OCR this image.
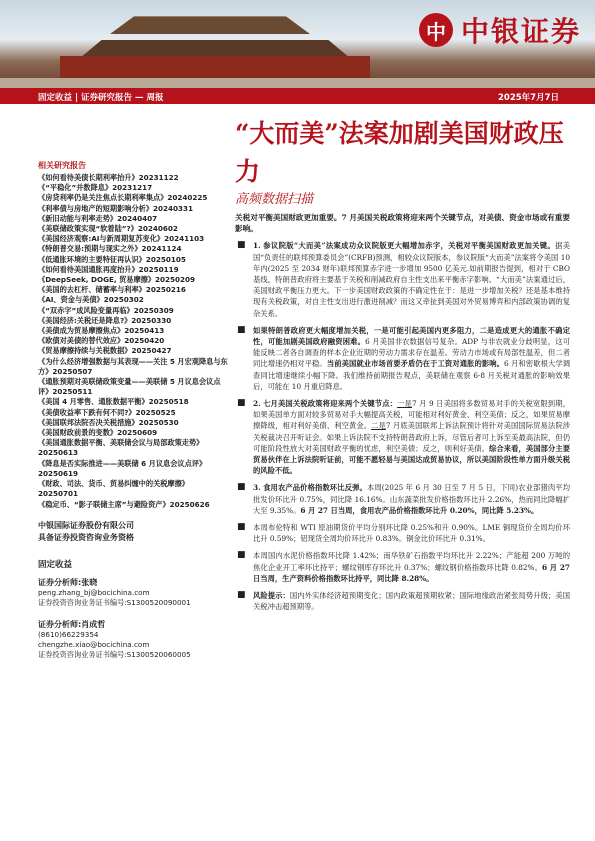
中 中银证券
固定收益 | 证券研究报告 — 周报	2025年7月7日
“大而美”法案加剧美国财政压力
高频数据扫描
相关研究报告
《如何看待美债长期利率抬升》20231122
《“平稳化”并数降息》20231217
《房贷利率仍是关注焦点长期利率集点》20240225
《利率债与房地产的短期影响分析》20240331
《新旧动能与利率走势》20240407
《美联储政策实现“软着陆”?》20240602
《美国经济观察:AI与新周期复苏变化》20241103
《特朗普交易:预期与现实之外》20241124
《低通胀环境的主要特征再认识》20250105
《如何看待美国通胀再度抬升》20250119
《DeepSeek, DOGE, 贸易摩擦》20250209
《美国的去杠杆、储蓄率与利率》20250216
《AI、资金与美债》20250302
《“双赤字”成风险变量再临》20250309
《美国经济:关税还是降息?》20250330
《美债成为贸易摩擦焦点》20250413
《欧债对美债的替代效应》20250420
《贸易摩擦持续与关税数据》20250427
《为什么经济增强数据与其表现——关注 5 月宏观降息与东方》20250507
《通胀预期对美联储政策变量——美联储 5 月议息会议点评》20250511
《美国 4 月零售、通胀数据平衡》20250518
《美债收益率下跌有何不同?》20250525
《美国联邦法院否决关税措施》20250530
《美国财政前景的变数》20250609
《美国通胀数据平衡、美联储会议与局部政策走势》20250613
《降息是否实际推进——美联储 6 月议息会议点评》20250619
《财政、司法、货币、贸易纠缠中的关税摩擦》20250701
《稳定币、“影子联储主席”与避险资产》20250626
中银国际证券股份有限公司
具备证券投资咨询业务资格
固定收益
证券分析师:张晓
peng.zhang_bj@bocichina.com
证券投资咨询业务证书编号:S1300520090001
证券分析师:肖成哲
(8610)66229354
chengzhe.xiao@bocichina.com
证券投资咨询业务证书编号:S1300520060005

关税对平衡美国财政更加重要。7 月美国关税政策将迎来两个关键节点，对美债、资金市场或有重要影响。

■ 1. 参议院版“大而美”法案成功众议院版更大幅增加赤字，关税对平衡美国财政更加关键。据美国“负责任的联邦预算委员会”(CRFB)预测，相较众议院版本，参议院版“大而美”法案将令美国 10 年内(2025 至 2034 财年)联邦预算赤字进一步增加 9500 亿美元.如前期报告提到，相对于 CBO 基线，特朗普政府将主要基于关税和削减政府自主性支出来平衡赤字影响。“大而美”法案通过后，美国财政平衡压力更大。下一步美国财政政策的不确定性在于：是进一步增加关税？还是基本维持现有关税政策，对自主性支出进行激进削减？而这又牵扯到美国对外贸易博弈和内部政策协调的复杂关系。
■ 如果特朗普政府更大幅度增加关税，一是可能引起美国内更多阻力，二是造成更大的通胀不确定性，可能加剧美国政府融资困难。6 月美国非农数据信号复杂。ADP 与非农就业分歧明显，这可能反映二者各自调查的样本企业近期的劳动力需求存在温差。劳动力市场或有局部性温差，但二者同比增速仍相对平稳。当前美国就业市场首要矛盾仍在于工资对通胀的影响。6 月和密歇根大学调查同比增速继续小幅下降。我们维持前期报告观点，美联储在观察 6-8 月关税对通胀的影响效果后，可能在 10 月重启降息。
■ 2. 七月美国关税政策将迎来两个关键节点：一是7 月 9 日美国将多数贸易对手的关税宽限到期，如果美国单方面对较多贸易对手大幅提高关税，可能相对利好黄金、利空美债；反之，如果贸易摩擦降级，相对利好美债、利空黄金。二是7 月底美国联邦上诉法院预计将针对美国国际贸易法院涉关税裁决召开听证会。如果上诉法院不支持特朗普政府上诉，尽管后者可上诉至美最高法院，但仍可能阶段性放大对美国财政平衡的忧虑，利空美债；反之，则利好美债。综合来看，美国部分主要贸易伙伴在上诉法院听证前，可能不愿轻易与美国达成贸易协议，所以美国阶段性单方面升级关税的风险不低。
■ 3. 食用农产品价格指数环比反弹。本周(2025 年 6 月 30 日至 7 月 5 日，下同)农业部猪肉平均批发价环比升 0.75%，同比降 16.16%。山东蔬菜批发价格指数环比升 2.26%，热而同比降幅扩大至 9.35%。6 月 27 日当周，食用农产品价格指数环比升 0.20%，同比降 5.23%。
■ 本周布伦特和 WTI 原油期货价平均分别环比降 0.25%和升 0.90%。LME 铜现货价全周均价环比升 0.59%；铝现货全周均价环比升 0.83%。铜金比价环比升 0.31%。
■ 本周国内水泥价格指数环比降 1.42%；南华铁矿石指数平均环比升 2.22%；产能超 200 万吨的焦化企业开工率环比持平；螺纹钢库存环比升 0.37%；螺纹钢价格指数环比降 0.82%。6 月 27 日当周，生产资料价格指数环比持平，同比降 8.28%。
■ 风险提示：国内外实体经济超预期变化；国内政策超预期收紧；国际地缘政治紧张局势升级；美国关税冲击超预期等。
